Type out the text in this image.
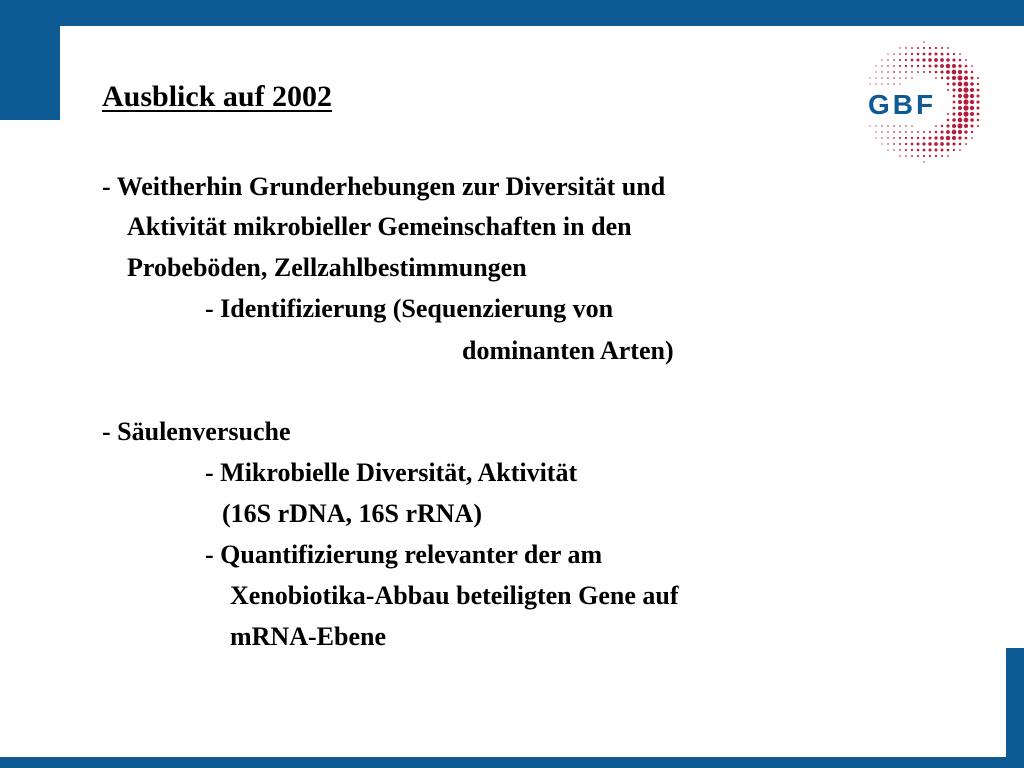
GBF
Ausblick auf 2002
- Weitherhin Grunderhebungen zur Diversität und
Aktivität mikrobieller Gemeinschaften in den
Probeböden, Zellzahlbestimmungen
- Identifizierung (Sequenzierung von
dominanten Arten)
- Säulenversuche
- Mikrobielle Diversität, Aktivität
(16S rDNA, 16S rRNA)
- Quantifizierung relevanter der am
Xenobiotika-Abbau beteiligten Gene auf
mRNA-Ebene
